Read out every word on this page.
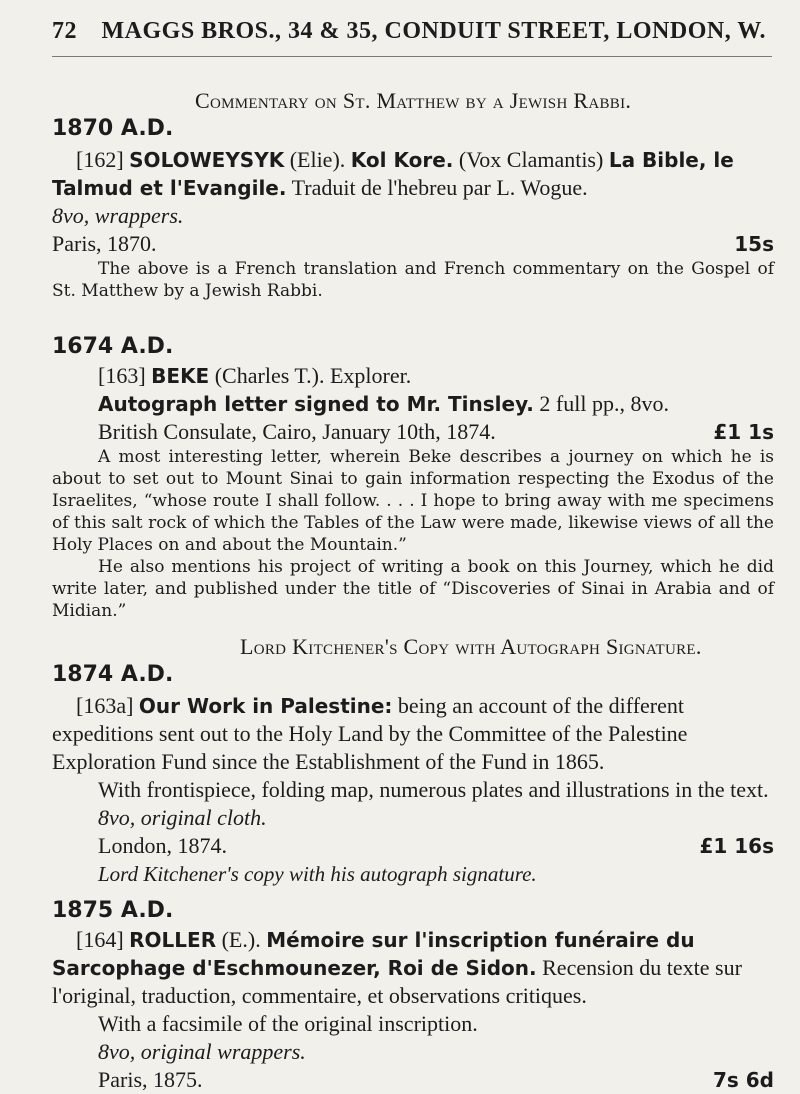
72 MAGGS BROS., 34 & 35, CONDUIT STREET, LONDON, W.
Commentary on St. Matthew by a Jewish Rabbi.
1870 A.D.
[162] SOLOWEYSYK (Elie). Kol Kore. (Vox Clamantis) La Bible, le Talmud et l'Evangile. Traduit de l'hebreu par L. Wogue.
8vo, wrappers.
Paris, 1870.	15s
The above is a French translation and French commentary on the Gospel of St. Matthew by a Jewish Rabbi.
1674 A.D.
[163] BEKE (Charles T.). Explorer.
Autograph letter signed to Mr. Tinsley. 2 full pp., 8vo.
British Consulate, Cairo, January 10th, 1874.	£1 1s
A most interesting letter, wherein Beke describes a journey on which he is about to set out to Mount Sinai to gain information respecting the Exodus of the Israelites, “whose route I shall follow. . . . I hope to bring away with me specimens of this salt rock of which the Tables of the Law were made, likewise views of all the Holy Places on and about the Mountain.”
He also mentions his project of writing a book on this Journey, which he did write later, and published under the title of “Discoveries of Sinai in Arabia and of Midian.”
Lord Kitchener's Copy with Autograph Signature.
1874 A.D.
[163a] Our Work in Palestine: being an account of the different expeditions sent out to the Holy Land by the Committee of the Palestine Exploration Fund since the Establishment of the Fund in 1865.
With frontispiece, folding map, numerous plates and illustrations in the text.
8vo, original cloth.
London, 1874.	£1 16s
Lord Kitchener's copy with his autograph signature.
1875 A.D.
[164] ROLLER (E.). Mémoire sur l'inscription funéraire du Sarcophage d'Eschmounezer, Roi de Sidon. Recension du texte sur l'original, traduction, commentaire, et observations critiques.
With a facsimile of the original inscription.
8vo, original wrappers.
Paris, 1875.	7s 6d
